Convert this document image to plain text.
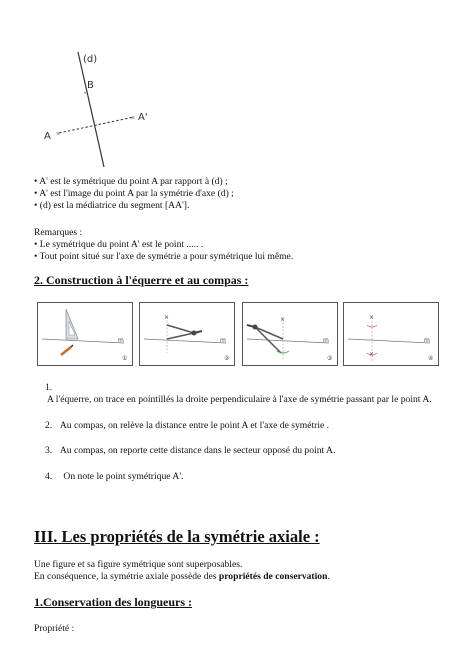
×
×
×
(d)
B
A
A'
• A' est le symétrique du point A par rapport à (d) ;
• A' est l'image du point A par la symétrie d'axe (d) ;
• (d) est la médiatrice du segment [AA'].
Remarques :
• Le symétrique du point A' est le point ..... .
• Tout point situé sur l'axe de symétrie a pour symétrique lui même.
2. Construction à l'équerre et au compas :
m
①
m
×
②
m
×
③
m
×
×
④
1. A l'équerre, on trace en pointillés la droite perpendiculaire à l'axe de symétrie passant par le point A.
2. Au compas, on relève la distance entre le point A et l'axe de symétrie .
3. Au compas, on reporte cette distance dans le secteur opposé du point A.
4. On note le point symétrique A'.
III. Les propriétés de la symétrie axiale :
Une figure et sa figure symétrique sont superposables.
En conséquence, la symétrie axiale possède des propriétés de conservation.
1.Conservation des longueurs :
Propriété :
